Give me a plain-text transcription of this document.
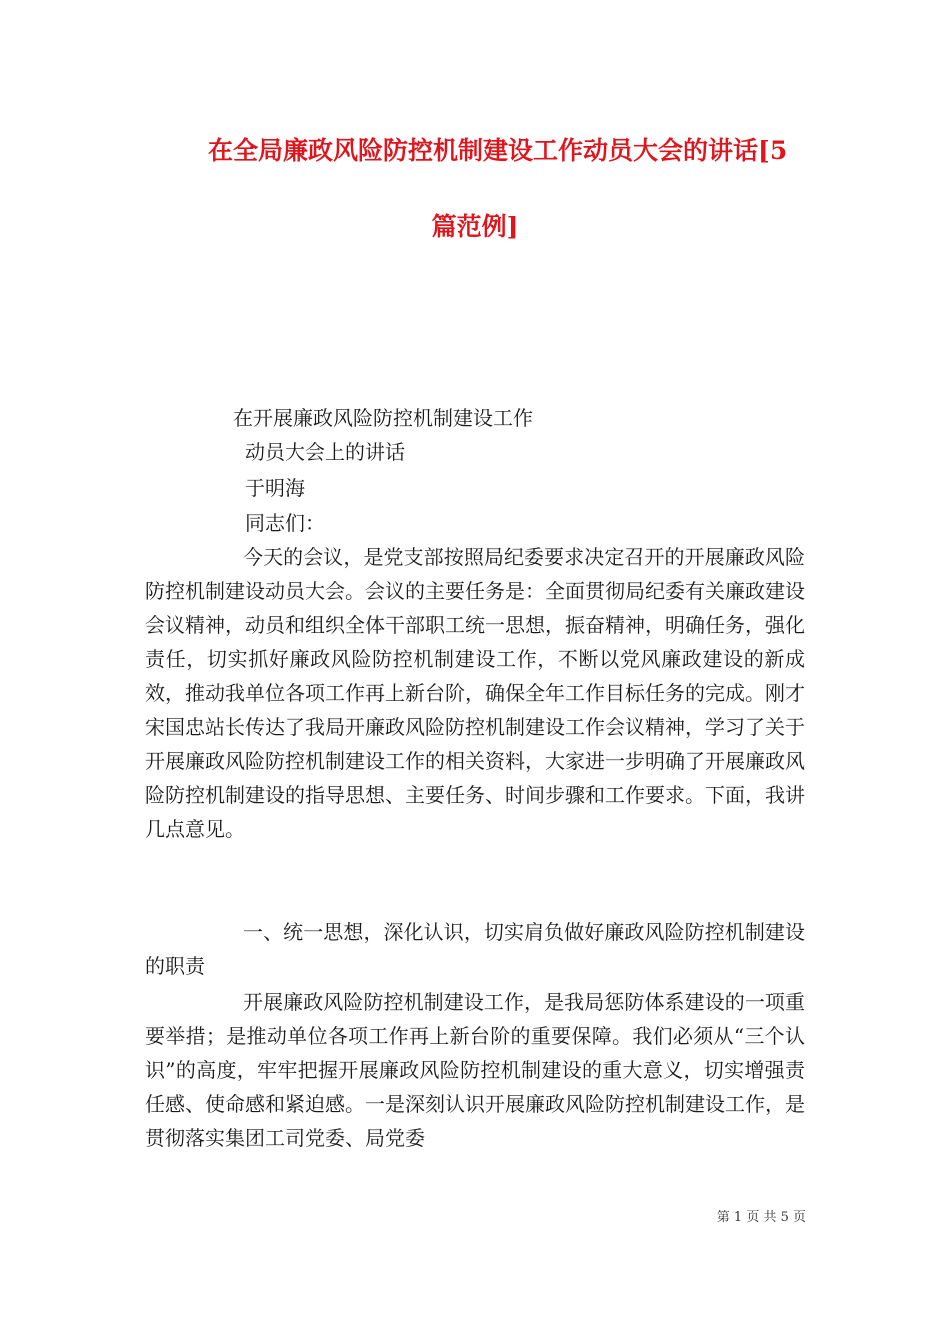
在全局廉政风险防控机制建设工作动员大会的讲话[5
篇范例]
在开展廉政风险防控机制建设工作
动员大会上的讲话
于明海
同志们：
今天的会议，是党支部按照局纪委要求决定召开的开展廉政风险防控机制建设动员大会。会议的主要任务是：全面贯彻局纪委有关廉政建设会议精神，动员和组织全体干部职工统一思想，振奋精神，明确任务，强化责任，切实抓好廉政风险防控机制建设工作，不断以党风廉政建设的新成效，推动我单位各项工作再上新台阶，确保全年工作目标任务的完成。刚才宋国忠站长传达了我局开廉政风险防控机制建设工作会议精神，学习了关于开展廉政风险防控机制建设工作的相关资料，大家进一步明确了开展廉政风险防控机制建设的指导思想、主要任务、时间步骤和工作要求。下面，我讲几点意见。
一、统一思想，深化认识，切实肩负做好廉政风险防控机制建设的职责
开展廉政风险防控机制建设工作，是我局惩防体系建设的一项重要举措；是推动单位各项工作再上新台阶的重要保障。我们必须从“三个认识”的高度，牢牢把握开展廉政风险防控机制建设的重大意义，切实增强责任感、使命感和紧迫感。一是深刻认识开展廉政风险防控机制建设工作，是贯彻落实集团工司党委、局党委
第 1 页 共 5 页
